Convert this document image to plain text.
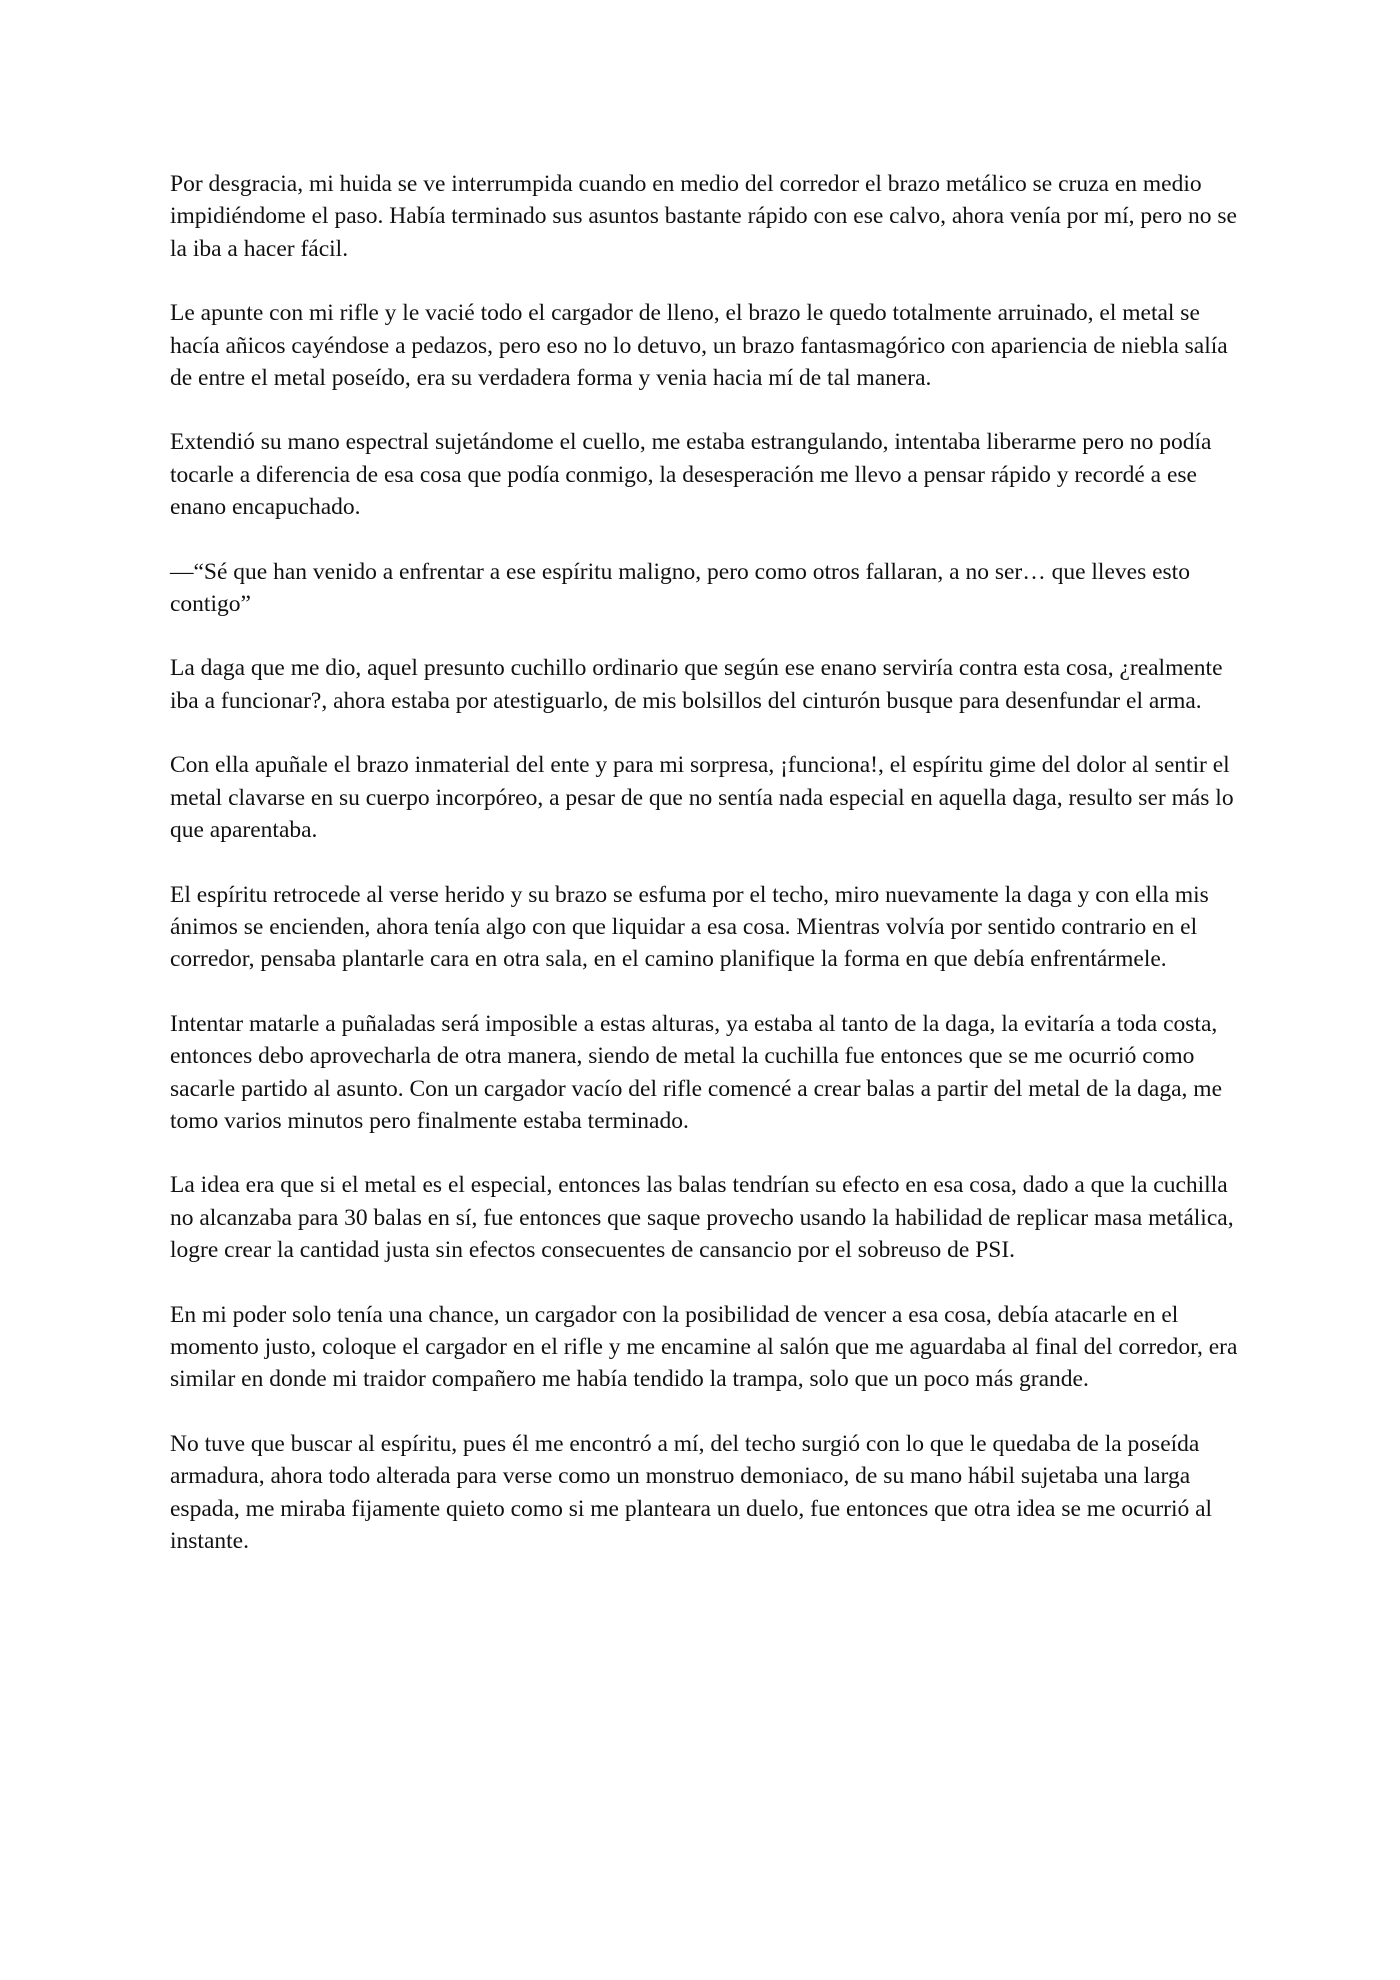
Por desgracia, mi huida se ve interrumpida cuando en medio del corredor el brazo metálico se cruza en medio impidiéndome el paso. Había terminado sus asuntos bastante rápido con ese calvo, ahora venía por mí, pero no se la iba a hacer fácil.

Le apunte con mi rifle y le vacié todo el cargador de lleno, el brazo le quedo totalmente arruinado, el metal se hacía añicos cayéndose a pedazos, pero eso no lo detuvo, un brazo fantasmagórico con apariencia de niebla salía de entre el metal poseído, era su verdadera forma y venia hacia mí de tal manera.

Extendió su mano espectral sujetándome el cuello, me estaba estrangulando, intentaba liberarme pero no podía tocarle a diferencia de esa cosa que podía conmigo, la desesperación me llevo a pensar rápido y recordé a ese enano encapuchado.

—“Sé que han venido a enfrentar a ese espíritu maligno, pero como otros fallaran, a no ser… que lleves esto contigo”

La daga que me dio, aquel presunto cuchillo ordinario que según ese enano serviría contra esta cosa, ¿realmente iba a funcionar?, ahora estaba por atestiguarlo, de mis bolsillos del cinturón busque para desenfundar el arma.

Con ella apuñale el brazo inmaterial del ente y para mi sorpresa, ¡funciona!, el espíritu gime del dolor al sentir el metal clavarse en su cuerpo incorpóreo, a pesar de que no sentía nada especial en aquella daga, resulto ser más lo que aparentaba.

El espíritu retrocede al verse herido y su brazo se esfuma por el techo, miro nuevamente la daga y con ella mis ánimos se encienden, ahora tenía algo con que liquidar a esa cosa. Mientras volvía por sentido contrario en el corredor, pensaba plantarle cara en otra sala, en el camino planifique la forma en que debía enfrentármele.

Intentar matarle a puñaladas será imposible a estas alturas, ya estaba al tanto de la daga, la evitaría a toda costa, entonces debo aprovecharla de otra manera, siendo de metal la cuchilla fue entonces que se me ocurrió como sacarle partido al asunto. Con un cargador vacío del rifle comencé a crear balas a partir del metal de la daga, me tomo varios minutos pero finalmente estaba terminado.

La idea era que si el metal es el especial, entonces las balas tendrían su efecto en esa cosa, dado a que la cuchilla no alcanzaba para 30 balas en sí, fue entonces que saque provecho usando la habilidad de replicar masa metálica, logre crear la cantidad justa sin efectos consecuentes de cansancio por el sobreuso de PSI.

En mi poder solo tenía una chance, un cargador con la posibilidad de vencer a esa cosa, debía atacarle en el momento justo, coloque el cargador en el rifle y me encamine al salón que me aguardaba al final del corredor, era similar en donde mi traidor compañero me había tendido la trampa, solo que un poco más grande.

No tuve que buscar al espíritu, pues él me encontró a mí, del techo surgió con lo que le quedaba de la poseída armadura, ahora todo alterada para verse como un monstruo demoniaco, de su mano hábil sujetaba una larga espada, me miraba fijamente quieto como si me planteara un duelo, fue entonces que otra idea se me ocurrió al instante.
